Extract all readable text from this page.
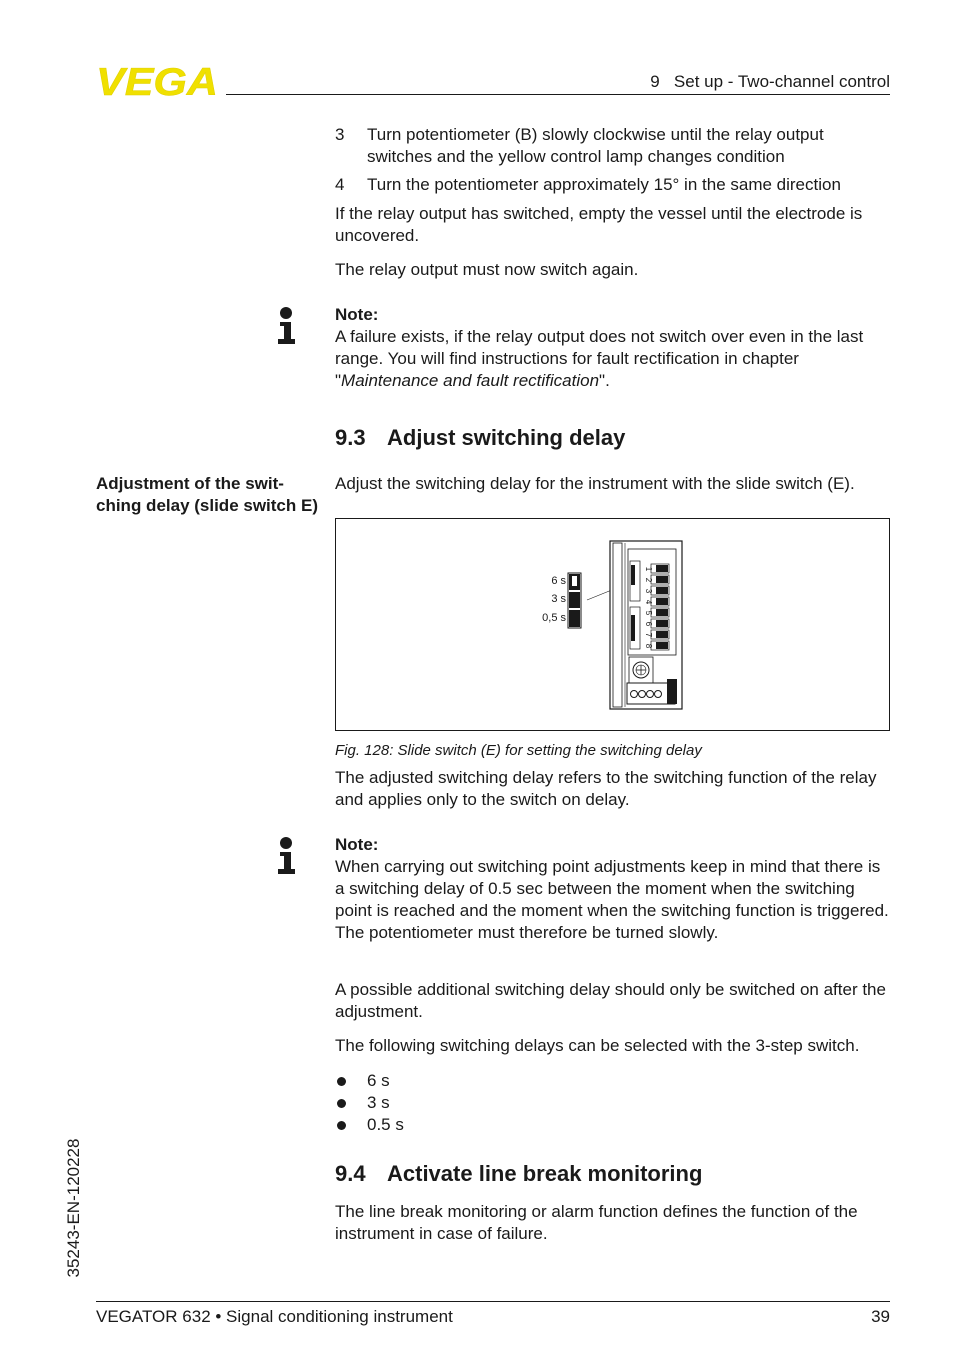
VEGA	9   Set up - Two-channel control
3 Turn potentiometer (B) slowly clockwise until the relay output switches and the yellow control lamp changes condition
4 Turn the potentiometer approximately 15° in the same direction
If the relay output has switched, empty the vessel until the electrode is uncovered.
The relay output must now switch again.
Note:
A failure exists, if the relay output does not switch over even in the last range. You will find instructions for fault rectification in chapter "Maintenance and fault rectification".
9.3 Adjust switching delay
Adjustment of the swit-ching delay (slide switch E)
Adjust the switching delay for the instrument with the slide switch (E).
6 s
3 s
0,5 s
1
2
3
4
5
6
7
8
Fig. 128: Slide switch (E) for setting the switching delay
The adjusted switching delay refers to the switching function of the relay and applies only to the switch on delay.
Note:
When carrying out switching point adjustments keep in mind that there is a switching delay of 0.5 sec between the moment when the switching point is reached and the moment when the switching function is triggered. The potentiometer must therefore be turned slowly.
A possible additional switching delay should only be switched on after the adjustment.
The following switching delays can be selected with the 3-step switch.
6 s
3 s
0.5 s
9.4 Activate line break monitoring
The line break monitoring or alarm function defines the function of the instrument in case of failure.
35243-EN-120228
VEGATOR 632 • Signal conditioning instrument	39
